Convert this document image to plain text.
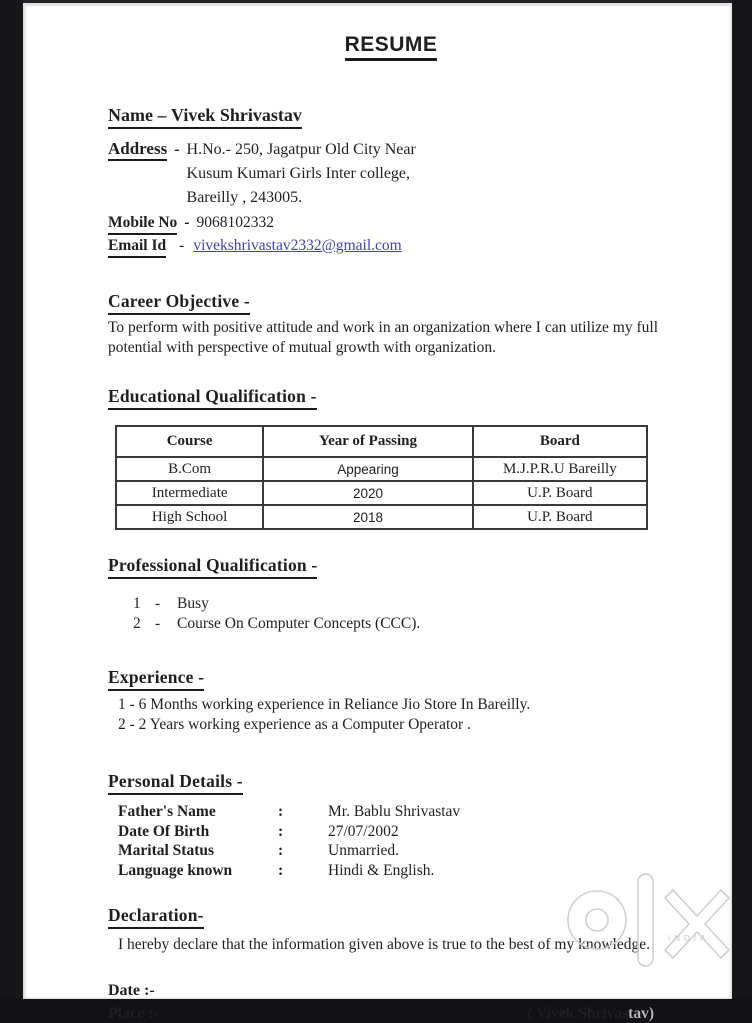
RESUME
Name – Vivek Shrivastav
Address - H.No.- 250, Jagatpur Old City Near
Kusum Kumari Girls Inter college,
Bareilly , 243005.
Mobile No - 9068102332
Email Id - vivekshrivastav2332@gmail.com
Career Objective -
To perform with positive attitude and work in an organization where I can utilize my full potential with perspective of mutual growth with organization.
Educational Qualification -
Course	Year of Passing	Board
B.Com	Appearing	M.J.P.R.U Bareilly
Intermediate	2020	U.P. Board
High School	2018	U.P. Board
Professional Qualification -
1 -	Busy
2 -	Course On Computer Concepts (CCC).
Experience -
1 - 6 Months working experience in Reliance Jio Store In Bareilly.
2 - 2 Years working experience as a Computer Operator .
Personal Details -
Father's Name	:	Mr. Bablu Shrivastav
Date Of Birth	:	27/07/2002
Marital Status	:	Unmarried.
Language known	:	Hindi & English.
Declaration-
I hereby declare that the information given above is true to the best of my knowledge.
Date :-
Place :-	( Vivek Shrivastav)
INDIA
